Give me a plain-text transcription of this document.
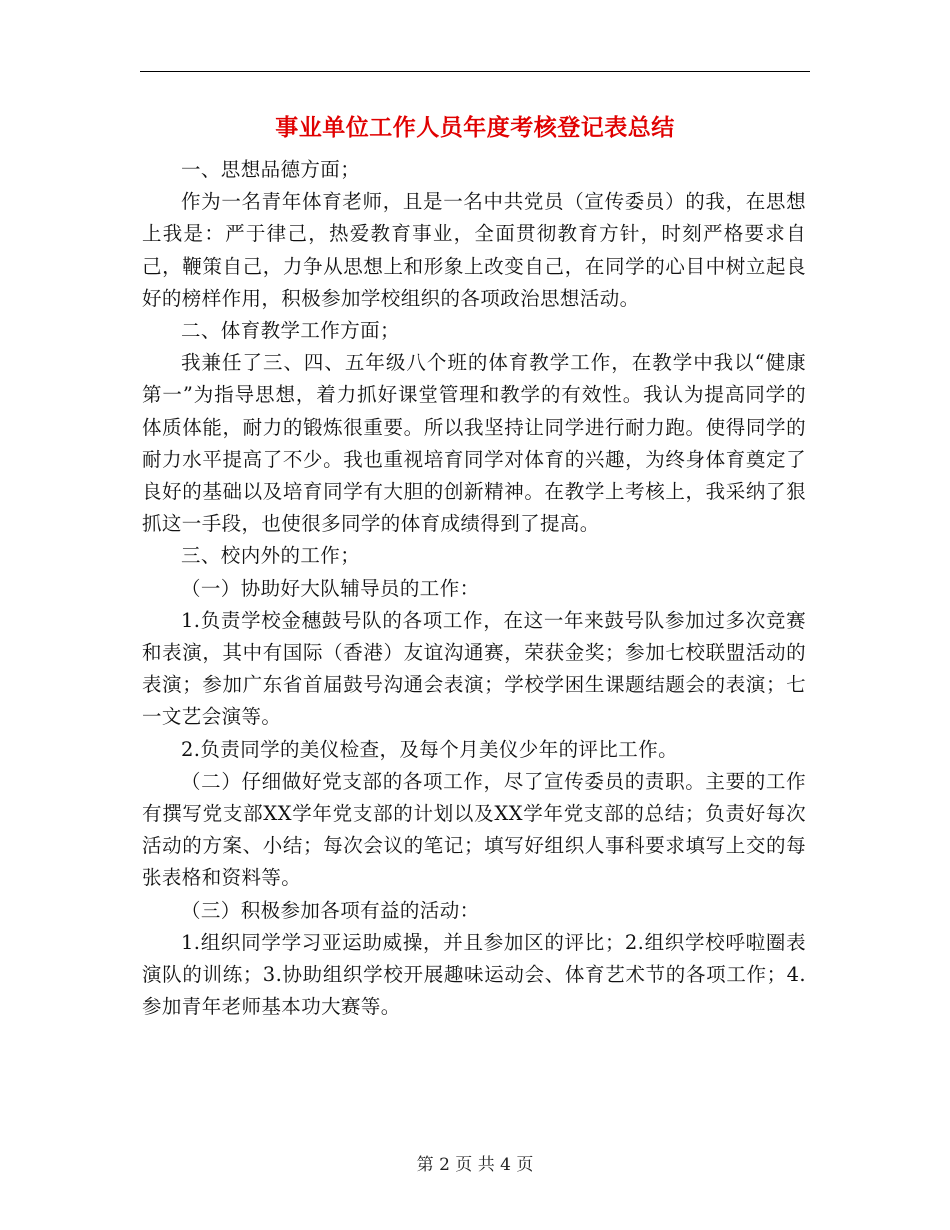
事业单位工作人员年度考核登记表总结

一、思想品德方面；

作为一名青年体育老师，且是一名中共党员（宣传委员）的我，在思想上我是：严于律己，热爱教育事业，全面贯彻教育方针，时刻严格要求自己，鞭策自己，力争从思想上和形象上改变自己，在同学的心目中树立起良好的榜样作用，积极参加学校组织的各项政治思想活动。

二、体育教学工作方面；

我兼任了三、四、五年级八个班的体育教学工作，在教学中我以“健康第一”为指导思想，着力抓好课堂管理和教学的有效性。我认为提高同学的体质体能，耐力的锻炼很重要。所以我坚持让同学进行耐力跑。使得同学的耐力水平提高了不少。我也重视培育同学对体育的兴趣，为终身体育奠定了良好的基础以及培育同学有大胆的创新精神。在教学上考核上，我采纳了狠抓这一手段，也使很多同学的体育成绩得到了提高。

三、校内外的工作；

（一）协助好大队辅导员的工作：

1.负责学校金穗鼓号队的各项工作，在这一年来鼓号队参加过多次竞赛和表演，其中有国际（香港）友谊沟通赛，荣获金奖；参加七校联盟活动的表演；参加广东省首届鼓号沟通会表演；学校学困生课题结题会的表演；七一文艺会演等。

2.负责同学的美仪检查，及每个月美仪少年的评比工作。

（二）仔细做好党支部的各项工作，尽了宣传委员的责职。主要的工作有撰写党支部XX学年党支部的计划以及XX学年党支部的总结；负责好每次活动的方案、小结；每次会议的笔记；填写好组织人事科要求填写上交的每张表格和资料等。

（三）积极参加各项有益的活动：

1.组织同学学习亚运助威操，并且参加区的评比；2.组织学校呼啦圈表演队的训练；3.协助组织学校开展趣味运动会、体育艺术节的各项工作；4.参加青年老师基本功大赛等。

第 2 页 共 4 页
